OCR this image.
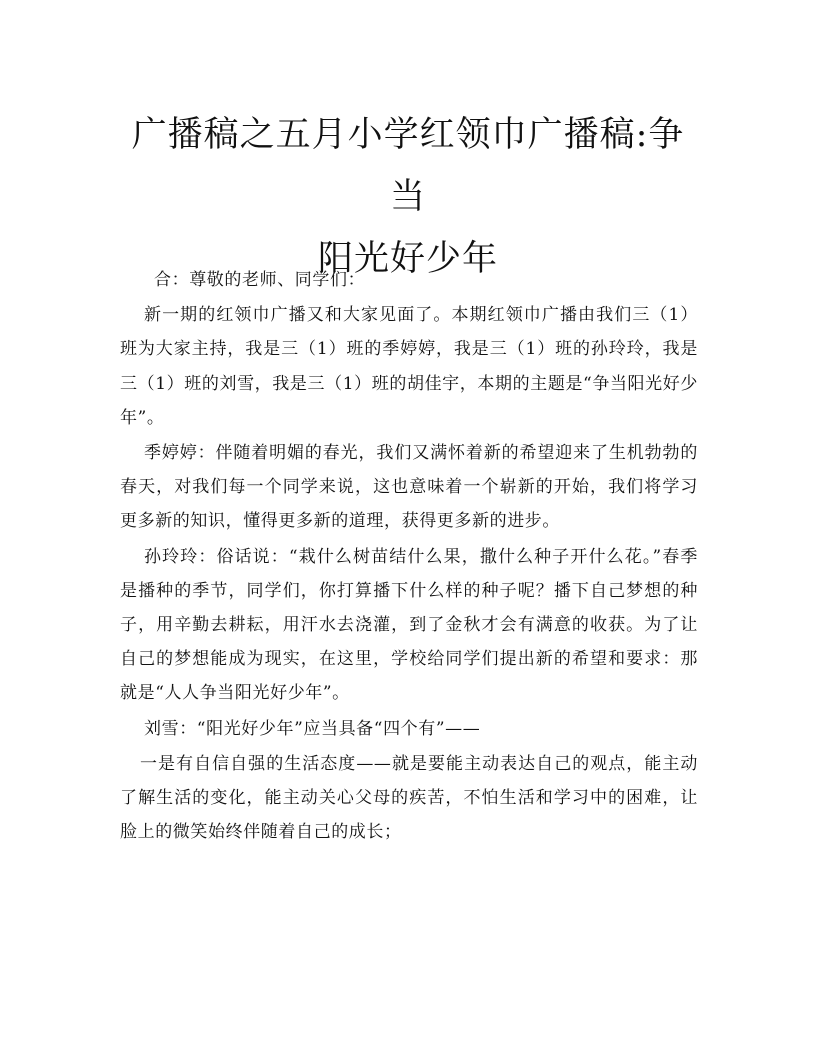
广播稿之五月小学红领巾广播稿:争当
阳光好少年

合：尊敬的老师、同学们：

新一期的红领巾广播又和大家见面了。本期红领巾广播由我们三（1）班为大家主持，我是三（1）班的季婷婷，我是三（1）班的孙玲玲，我是三（1）班的刘雪，我是三（1）班的胡佳宇，本期的主题是“争当阳光好少年”。

季婷婷：伴随着明媚的春光，我们又满怀着新的希望迎来了生机勃勃的春天，对我们每一个同学来说，这也意味着一个崭新的开始，我们将学习更多新的知识，懂得更多新的道理，获得更多新的进步。

孙玲玲：俗话说：“栽什么树苗结什么果，撒什么种子开什么花。”春季是播种的季节，同学们，你打算播下什么样的种子呢？播下自己梦想的种子，用辛勤去耕耘，用汗水去浇灌，到了金秋才会有满意的收获。为了让自己的梦想能成为现实，在这里，学校给同学们提出新的希望和要求：那就是“人人争当阳光好少年”。

刘雪：“阳光好少年”应当具备“四个有”——

一是有自信自强的生活态度——就是要能主动表达自己的观点，能主动了解生活的变化，能主动关心父母的疾苦，不怕生活和学习中的困难，让脸上的微笑始终伴随着自己的成长；
